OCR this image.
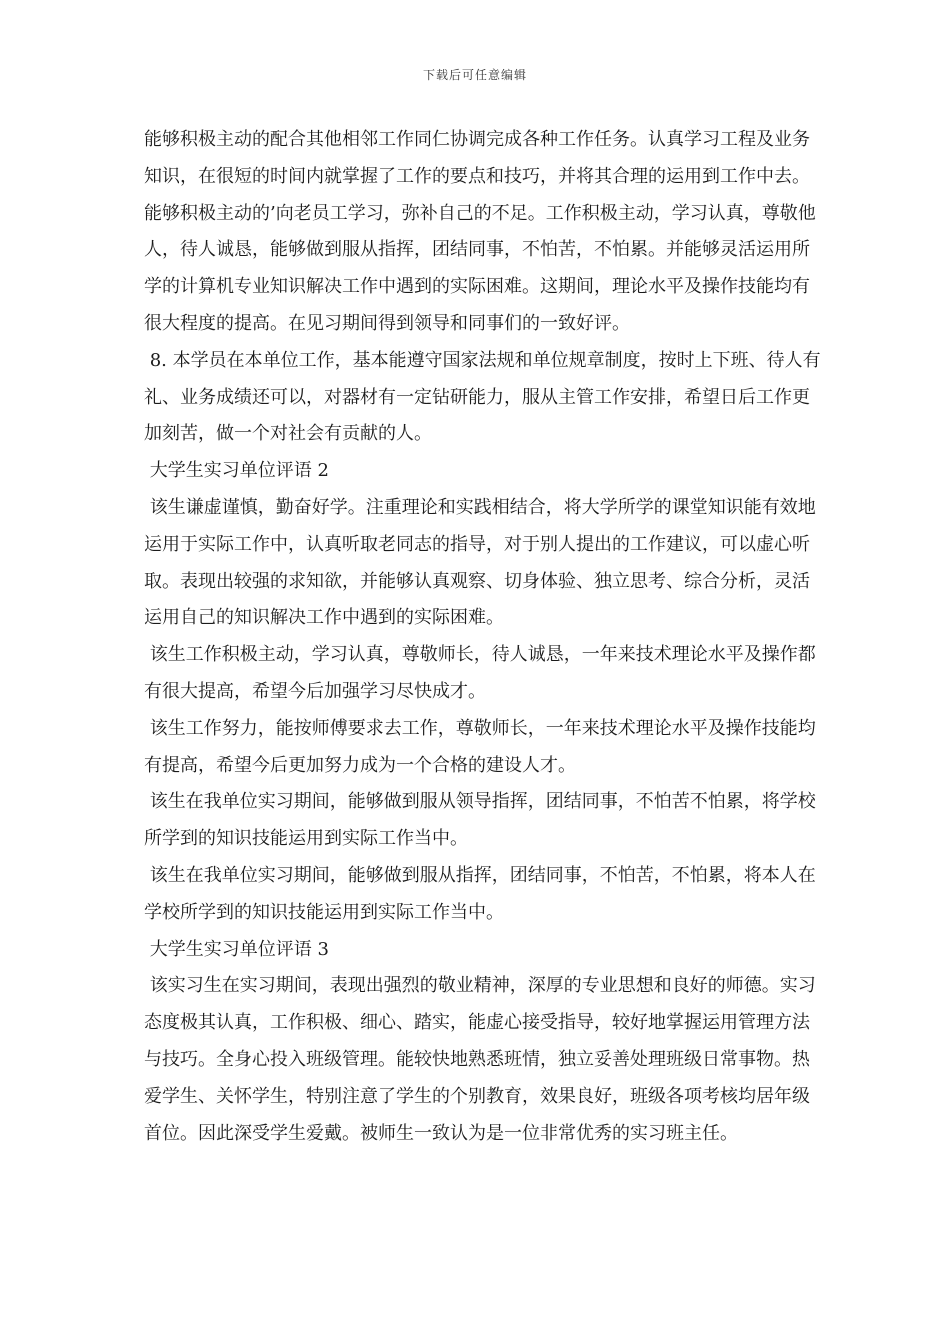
下载后可任意编辑

能够积极主动的配合其他相邻工作同仁协调完成各种工作任务。认真学习工程及业务知识，在很短的时间内就掌握了工作的要点和技巧，并将其合理的运用到工作中去。能够积极主动的’向老员工学习，弥补自己的不足。工作积极主动，学习认真，尊敬他人，待人诚恳，能够做到服从指挥，团结同事，不怕苦，不怕累。并能够灵活运用所学的计算机专业知识解决工作中遇到的实际困难。这期间，理论水平及操作技能均有很大程度的提高。在见习期间得到领导和同事们的一致好评。

8. 本学员在本单位工作，基本能遵守国家法规和单位规章制度，按时上下班、待人有礼、业务成绩还可以，对器材有一定钻研能力，服从主管工作安排，希望日后工作更加刻苦，做一个对社会有贡献的人。

大学生实习单位评语 2

该生谦虚谨慎，勤奋好学。注重理论和实践相结合，将大学所学的课堂知识能有效地运用于实际工作中，认真听取老同志的指导，对于别人提出的工作建议，可以虚心听取。表现出较强的求知欲，并能够认真观察、切身体验、独立思考、综合分析，灵活运用自己的知识解决工作中遇到的实际困难。

该生工作积极主动，学习认真，尊敬师长，待人诚恳，一年来技术理论水平及操作都有很大提高，希望今后加强学习尽快成才。

该生工作努力，能按师傅要求去工作，尊敬师长，一年来技术理论水平及操作技能均有提高，希望今后更加努力成为一个合格的建设人才。

该生在我单位实习期间，能够做到服从领导指挥，团结同事，不怕苦不怕累，将学校所学到的知识技能运用到实际工作当中。

该生在我单位实习期间，能够做到服从指挥，团结同事，不怕苦，不怕累，将本人在学校所学到的知识技能运用到实际工作当中。

大学生实习单位评语 3

该实习生在实习期间，表现出强烈的敬业精神，深厚的专业思想和良好的师德。实习态度极其认真，工作积极、细心、踏实，能虚心接受指导，较好地掌握运用管理方法与技巧。全身心投入班级管理。能较快地熟悉班情，独立妥善处理班级日常事物。热爱学生、关怀学生，特别注意了学生的个别教育，效果良好，班级各项考核均居年级首位。因此深受学生爱戴。被师生一致认为是一位非常优秀的实习班主任。
